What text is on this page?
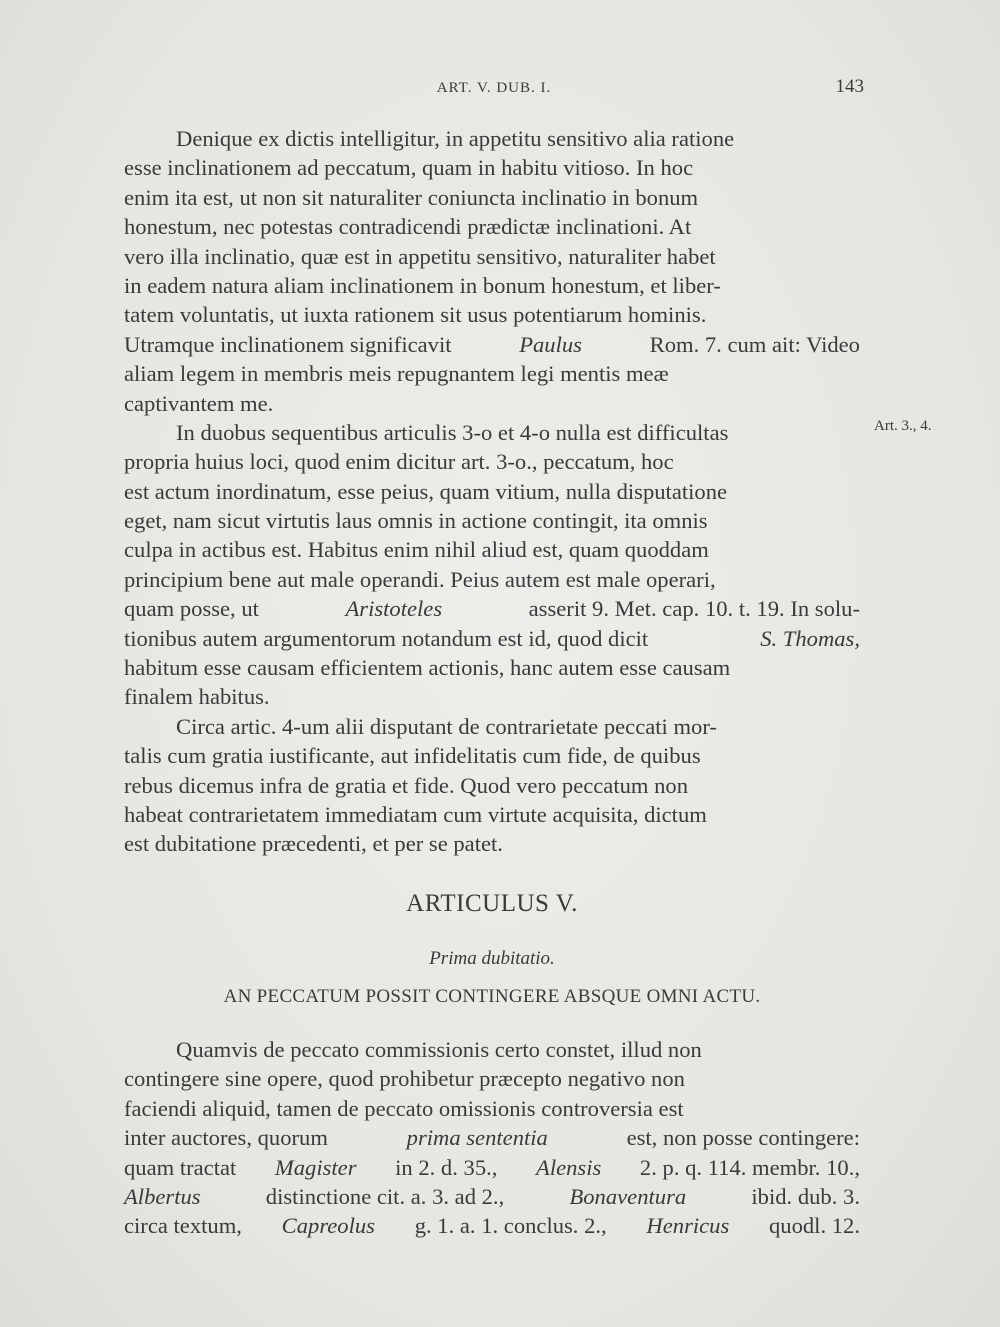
ART. V. DUB. I.	143
Art. 3., 4.
Denique ex dictis intelligitur, in appetitu sensitivo alia ratione
esse inclinationem ad peccatum, quam in habitu vitioso. In hoc
enim ita est, ut non sit naturaliter coniuncta inclinatio in bonum
honestum, nec potestas contradicendi prædictæ inclinationi. At
vero illa inclinatio, quæ est in appetitu sensitivo, naturaliter habet
in eadem natura aliam inclinationem in bonum honestum, et liber-
tatem voluntatis, ut iuxta rationem sit usus potentiarum hominis.
Utramque inclinationem significavit	Paulus	Rom. 7. cum ait: Video
aliam legem in membris meis repugnantem legi mentis meæ
captivantem me.
In duobus sequentibus articulis 3-o et 4-o nulla est difficultas
propria huius loci, quod enim dicitur art. 3-o., peccatum, hoc
est actum inordinatum, esse peius, quam vitium, nulla disputatione
eget, nam sicut virtutis laus omnis in actione contingit, ita omnis
culpa in actibus est. Habitus enim nihil aliud est, quam quoddam
principium bene aut male operandi. Peius autem est male operari,
quam posse, ut	Aristoteles	asserit 9. Met. cap. 10. t. 19. In solu-
tionibus autem argumentorum notandum est id, quod dicit	S. Thomas,
habitum esse causam efficientem actionis, hanc autem esse causam
finalem habitus.
Circa artic. 4-um alii disputant de contrarietate peccati mor-
talis cum gratia iustificante, aut infidelitatis cum fide, de quibus
rebus dicemus infra de gratia et fide. Quod vero peccatum non
habeat contrarietatem immediatam cum virtute acquisita, dictum
est dubitatione præcedenti, et per se patet.
ARTICULUS V.
Prima dubitatio.
AN PECCATUM POSSIT CONTINGERE ABSQUE OMNI ACTU.
Quamvis de peccato commissionis certo constet, illud non
contingere sine opere, quod prohibetur præcepto negativo non
faciendi aliquid, tamen de peccato omissionis controversia est
inter auctores, quorum	prima sententia	est, non posse contingere:
quam tractat Magister in 2. d. 35., Alensis 2. p. q. 114. membr. 10.,
Albertus	distinctione cit. a. 3. ad 2.,	Bonaventura	ibid. dub. 3.
circa textum, Capreolus g. 1. a. 1. conclus. 2., Henricus quodl. 12.
